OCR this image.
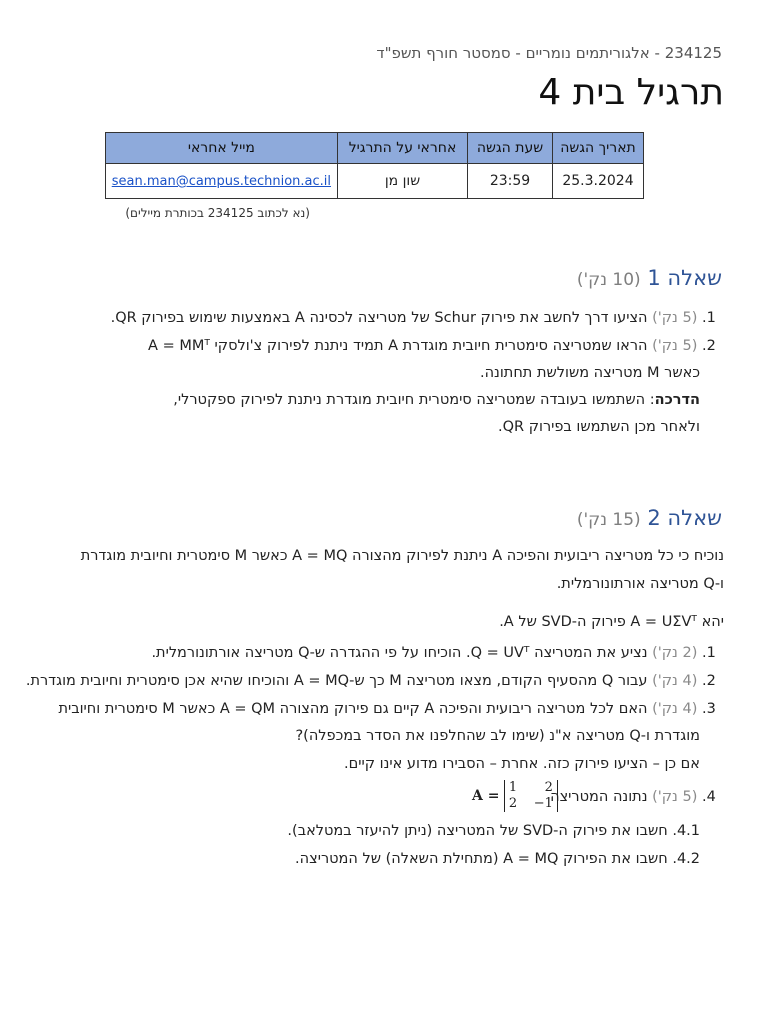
234125 - אלגוריתמים נומריים - סמסטר חורף תשפ"ד
תרגיל בית 4
תאריך הגשה	שעת הגשה	אחראי על התרגיל	מייל אחראי
25.3.2024	23:59	שון מן	sean.man@campus.technion.ac.il
(נא לכתוב 234125 בכותרת מיילים)
שאלה 1 (10 נק')
1. (5 נק') הציעו דרך לחשב את פירוק Schur של מטריצה לכסינה A באמצעות שימוש בפירוק QR.
2. (5 נק') הראו שמטריצה סימטרית חיובית מוגדרת A תמיד ניתנת לפירוק צ'ולסקי A = MMᵀ
כאשר M מטריצה משולשת תחתונה.
הדרכה: השתמשו בעובדה שמטריצה סימטרית חיובית מוגדרת ניתנת לפירוק ספקטרלי,
ולאחר מכן השתמשו בפירוק QR.
שאלה 2 (15 נק')
נוכיח כי כל מטריצה ריבועית והפיכה A ניתנת לפירוק מהצורה A = MQ כאשר M סימטרית וחיובית מוגדרת
ו-Q מטריצה אורתונורמלית.
יהא A = UΣVᵀ פירוק ה-SVD של A.
1. (2 נק') נציע את המטריצה Q = UVᵀ. הוכיחו על פי ההגדרה ש-Q מטריצה אורתונורמלית.
2. (4 נק') עבור Q מהסעיף הקודם, מצאו מטריצה M כך ש-A = MQ והוכיחו שהיא אכן סימטרית וחיובית מוגדרת.
3. (4 נק') האם לכל מטריצה ריבועית והפיכה A קיים גם פירוק מהצורה A = QM כאשר M סימטרית וחיובית
מוגדרת ו-Q מטריצה א"נ (שימו לב שהחלפנו את הסדר במכפלה)?
אם כן – הציעו פירוק כזה. אחרת – הסבירו מדוע אינו קיים.
4. (5 נק') נתונה המטריצה
A =
1	2
2	−1
4.1. חשבו את פירוק ה-SVD של המטריצה (ניתן להיעזר במטלאב).
4.2. חשבו את הפירוק A = MQ (מתחילת השאלה) של המטריצה.
